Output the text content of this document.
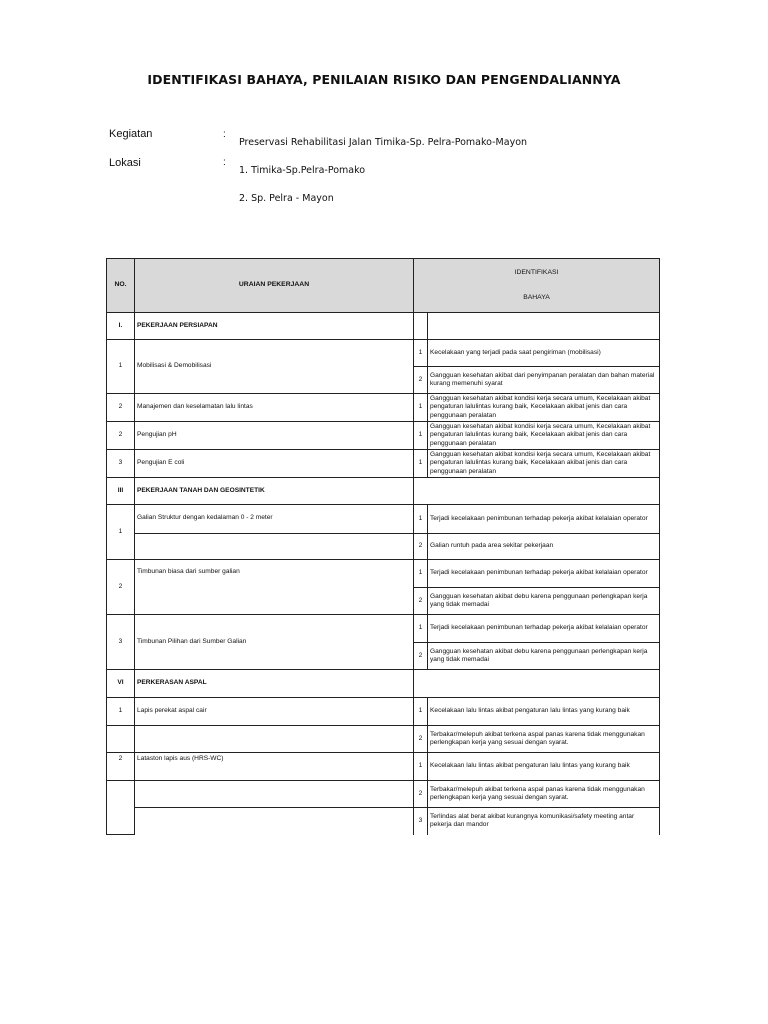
IDENTIFIKASI BAHAYA, PENILAIAN RISIKO DAN PENGENDALIANNYA
Kegiatan	:
Preservasi Rehabilitasi Jalan Timika-Sp. Pelra-Pomako-Mayon
Lokasi	:
1. Timika-Sp.Pelra-Pomako
2. Sp. Pelra - Mayon
NO.	URAIAN PEKERJAAN	IDENTIFIKASI
BAHAYA	

I.	PEKERJAAN PERSIAPAN		
1	Mobilisasi & Demobilisasi	1	Kecelakaan yang terjadi pada saat pengiriman (mobilisasi)
		2	Gangguan kesehatan akibat dari penyimpanan peralatan dan bahan material kurang memenuhi syarat
2	Manajemen dan keselamatan lalu lintas	1	Gangguan kesehatan akibat kondisi kerja secara umum, Kecelakaan akibat pengaturan lalulintas kurang baik, Kecelakaan akibat jenis dan cara penggunaan peralatan
2	Pengujian pH	1	Gangguan kesehatan akibat kondisi kerja secara umum, Kecelakaan akibat pengaturan lalulintas kurang baik, Kecelakaan akibat jenis dan cara penggunaan peralatan
3	Pengujian E coli	1	Gangguan kesehatan akibat kondisi kerja secara umum, Kecelakaan akibat pengaturan lalulintas kurang baik, Kecelakaan akibat jenis dan cara penggunaan peralatan
III	PEKERJAAN TANAH DAN GEOSINTETIK		
1	Galian Struktur dengan kedalaman 0 - 2 meter	1	Terjadi kecelakaan penimbunan terhadap pekerja akibat kelalaian operator
		2	Galian runtuh pada area sekitar pekerjaan
2	Timbunan biasa dari sumber galian	1	Terjadi kecelakaan penimbunan terhadap pekerja akibat kelalaian operator
		2	Gangguan kesehatan akibat debu karena penggunaan perlengkapan kerja yang tidak memadai
3	Timbunan Pilihan dari Sumber Galian	1	Terjadi kecelakaan penimbunan terhadap pekerja akibat kelalaian operator
		2	Gangguan kesehatan akibat debu karena penggunaan perlengkapan kerja yang tidak memadai
VI	PERKERASAN ASPAL		
1	Lapis perekat aspal cair	1	Kecelakaan lalu lintas akibat pengaturan lalu lintas yang kurang baik
		2	Terbakar/melepuh akibat terkena aspal panas karena tidak menggunakan perlengkapan kerja yang sesuai dengan syarat.
2	Lataston lapis aus (HRS-WC)	1	Kecelakaan lalu lintas akibat pengaturan lalu lintas yang kurang baik
		2	Terbakar/melepuh akibat terkena aspal panas karena tidak menggunakan perlengkapan kerja yang sesuai dengan syarat.
		3	Terlindas alat berat akibat kurangnya komunikasi/safety meeting antar pekerja dan mandor
